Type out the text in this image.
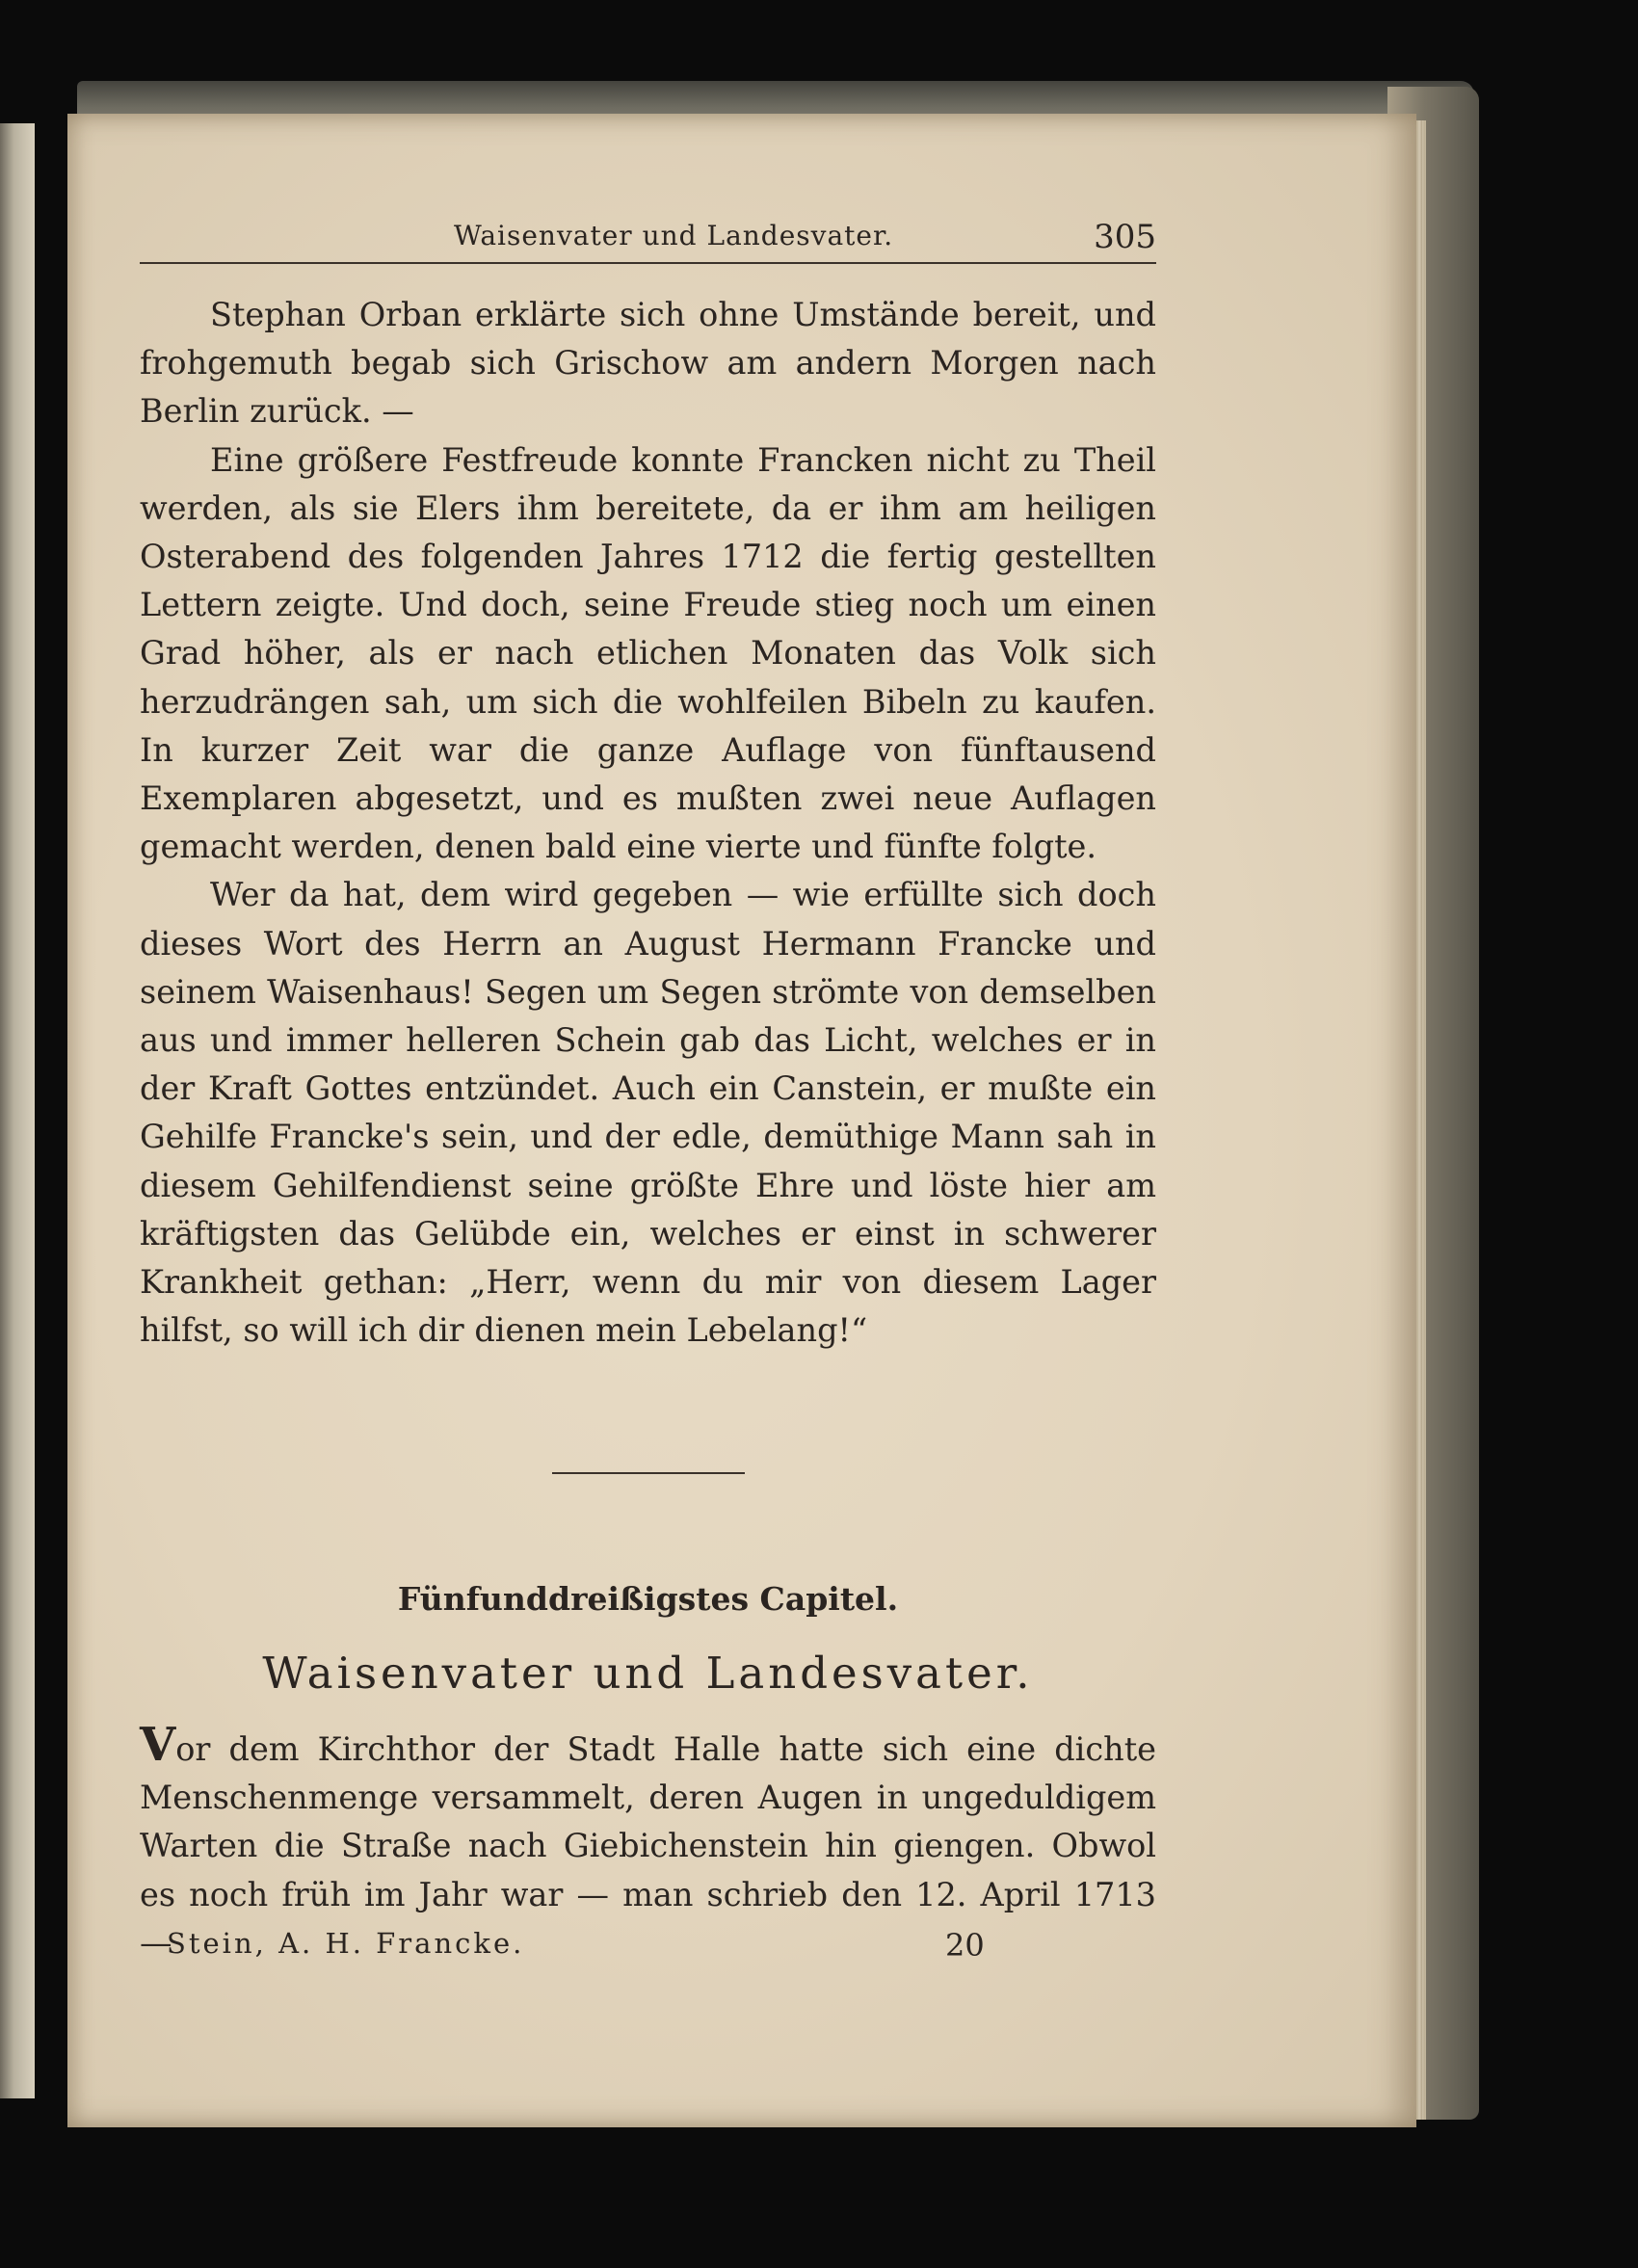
Waisenvater und Landesvater.	305

Stephan Orban erklärte sich ohne Umstände bereit, und frohgemuth begab sich Grischow am andern Morgen nach Berlin zurück. —

Eine größere Festfreude konnte Francken nicht zu Theil werden, als sie Elers ihm bereitete, da er ihm am heiligen Osterabend des folgenden Jahres 1712 die fertig gestellten Lettern zeigte. Und doch, seine Freude stieg noch um einen Grad höher, als er nach etlichen Monaten das Volk sich herzudrängen sah, um sich die wohlfeilen Bibeln zu kaufen. In kurzer Zeit war die ganze Auflage von fünftausend Exemplaren abgesetzt, und es mußten zwei neue Auflagen gemacht werden, denen bald eine vierte und fünfte folgte.

Wer da hat, dem wird gegeben — wie erfüllte sich doch dieses Wort des Herrn an August Hermann Francke und seinem Waisenhaus! Segen um Segen strömte von demselben aus und immer helleren Schein gab das Licht, welches er in der Kraft Gottes entzündet. Auch ein Canstein, er mußte ein Gehilfe Francke's sein, und der edle, demüthige Mann sah in diesem Gehilfendienst seine größte Ehre und löste hier am kräftigsten das Gelübde ein, welches er einst in schwerer Krankheit gethan: „Herr, wenn du mir von diesem Lager hilfst, so will ich dir dienen mein Lebelang!“

Fünfunddreißigstes Capitel.
Waisenvater und Landesvater.

Vor dem Kirchthor der Stadt Halle hatte sich eine dichte Menschenmenge versammelt, deren Augen in ungeduldigem Warten die Straße nach Giebichenstein hin giengen. Obwol es noch früh im Jahr war — man schrieb den 12. April 1713 —

Stein, A. H. Francke.	20
